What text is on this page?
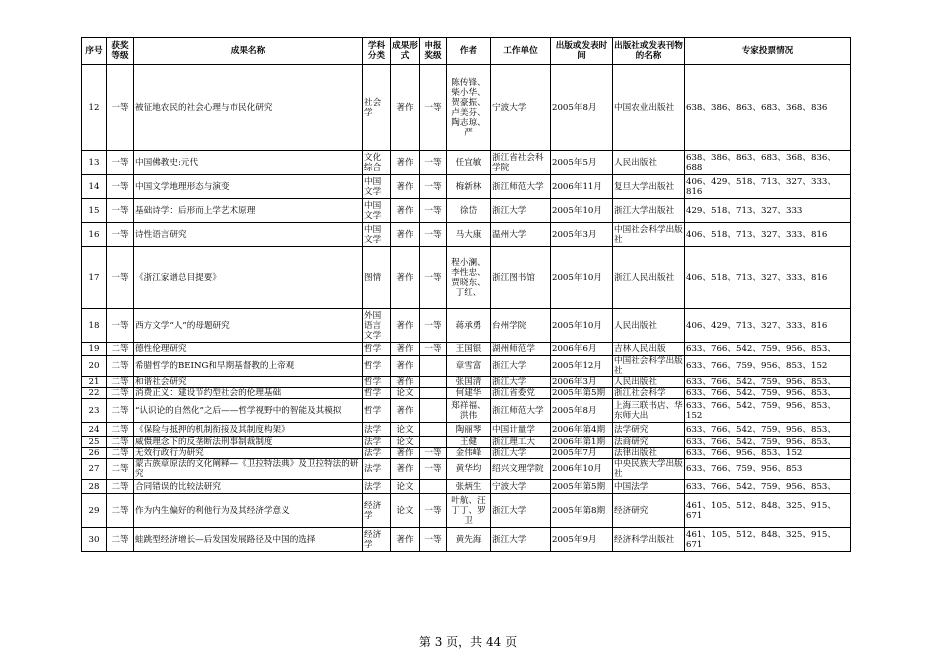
序号	获奖等级	成果名称	学科分类	成果形式	申报奖级	作者	工作单位	出版或发表时间	出版社或发表刊物的名称	专家投票情况
12	一等	被征地农民的社会心理与市民化研究	社会学	著作	一等	陈传锋、柴小华、贺豪振、卢美芬、陶志琼、严	宁波大学	2005年8月	中国农业出版社	638、386、863、683、368、836
13	一等	中国佛教史:元代	文化综合	著作	一等	任宜敏	浙江省社会科学院	2005年5月	人民出版社	638、386、863、683、368、836、688
14	一等	中国文学地理形态与演变	中国文学	著作	一等	梅新林	浙江师范大学	2006年11月	复旦大学出版社	406、429、518、713、327、333、816
15	一等	基础诗学：后形而上学艺术原理	中国文学	著作	一等	徐岱	浙江大学	2005年10月	浙江大学出版社	429、518、713、327、333
16	一等	诗性语言研究	中国文学	著作	一等	马大康	温州大学	2005年3月	中国社会科学出版社	406、518、713、327、333、816
17	一等	《浙江家谱总目提要》	图情	著作	一等	程小澜、李性忠、贾晓东、丁红、	浙江图书馆	2005年10月	浙江人民出版社	406、518、713、327、333、816
18	一等	西方文学“人”的母题研究	外国语言文学	著作	一等	蒋承勇	台州学院	2005年10月	人民出版社	406、429、713、327、333、816
19	二等	德性伦理研究	哲学	著作	一等	王国银	湖州师范学	2006年6月	吉林人民出版	633、766、542、759、956、853、
20	二等	希腊哲学的BEING和早期基督教的上帝观	哲学	著作		章雪富	浙江大学	2005年12月	中国社会科学出版社	633、766、759、956、853、152
21	二等	和谐社会研究	哲学	著作		张国清	浙江大学	2006年3月	人民出版社	633、766、542、759、956、853、
22	二等	消费正义：建设节约型社会的伦理基础	哲学	论文		何建华	浙江省委党	2005年第5期	浙江社会科学	633、766、542、759、956、853、
23	二等	“认识论的自然化”之后——哲学视野中的智能及其模拟	哲学	著作		郑祥福、洪伟	浙江师范大学	2005年8月	上海三联书店、华东师大出	633、766、542、759、956、853、152
24	二等	《保险与抵押的机制衔接及其制度构架》	法学	论文		陶丽琴	中国计量学	2006年第4期	法学研究	633、766、542、759、956、853、
25	二等	威慑理念下的反垄断法刑事制裁制度	法学	论文		王健	浙江理工大	2006年第1期	法商研究	633、766、542、759、956、853、
26	二等	无效行政行为研究	法学	著作	一等	金伟峰	浙江大学	2005年7月	法律出版社	633、766、956、853、152
27	二等	蒙古族章原法的文化阐释—《卫拉特法典》及卫拉特法的研究	法学	著作	一等	黄华均	绍兴文理学院	2006年10月	中央民族大学出版社	633、766、759、956、853
28	二等	合同错误的比较法研究	法学	论文		张炳生	宁波大学	2005年第5期	中国法学	633、766、542、759、956、853、
29	二等	作为内生偏好的利他行为及其经济学意义	经济学	论文	一等	叶航、汪丁丁、罗卫	浙江大学	2005年第8期	经济研究	461、105、512、848、325、915、671
30	二等	蛙跳型经济增长—后发国发展路径及中国的选择	经济学	著作	一等	黄先海	浙江大学	2005年9月	经济科学出版社	461、105、512、848、325、915、671
第 3 页，共 44 页
